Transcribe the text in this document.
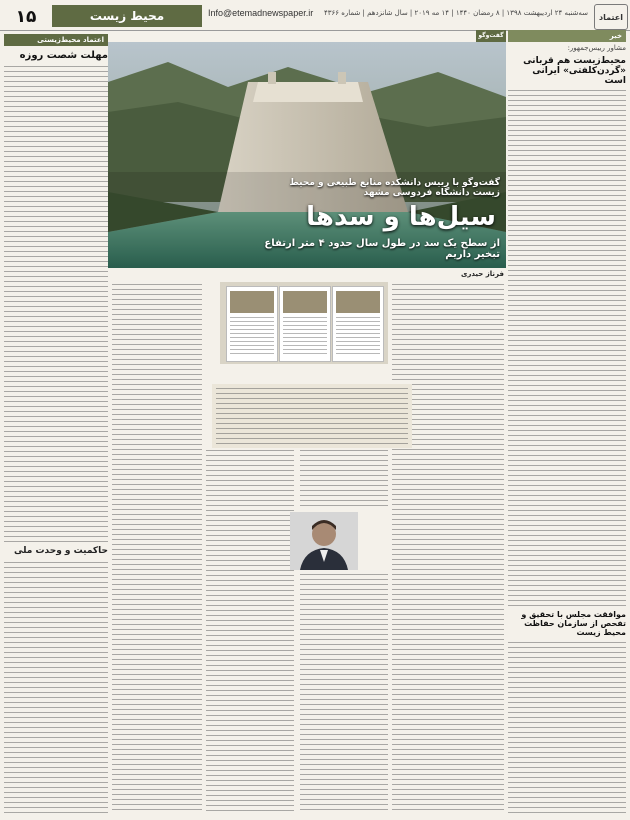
۱۵	محیط زیست	Info@etemadnewspaper.ir	سه‌شنبه ۲۴ اردیبهشت ۱۳۹۸ | ۸ رمضان ۱۴۴۰ | ۱۴ مه ۲۰۱۹ | سال شانزدهم | شماره ۴۳۶۶	اعتماد
اعتماد محیط‌زیستی
مهلت شصت روزه
حاکمیت و وحدت ملی
خبر
مشاور رییس‌جمهور:
محیط‌زیست هم قربانی «گردن‌کلفتی» ایرانی است
موافقت مجلس با تحقیق و تفحص از سازمان حفاظت محیط زیست
گفت‌وگو
گفت‌وگو با رییس دانشکده منابع طبیعی و محیط زیست دانشگاه فردوسی مشهد
سیل‌ها و سدها
از سطح یک سد در طول سال حدود ۴ متر ارتفاع تبخیر داریم
فرناز حیدری
